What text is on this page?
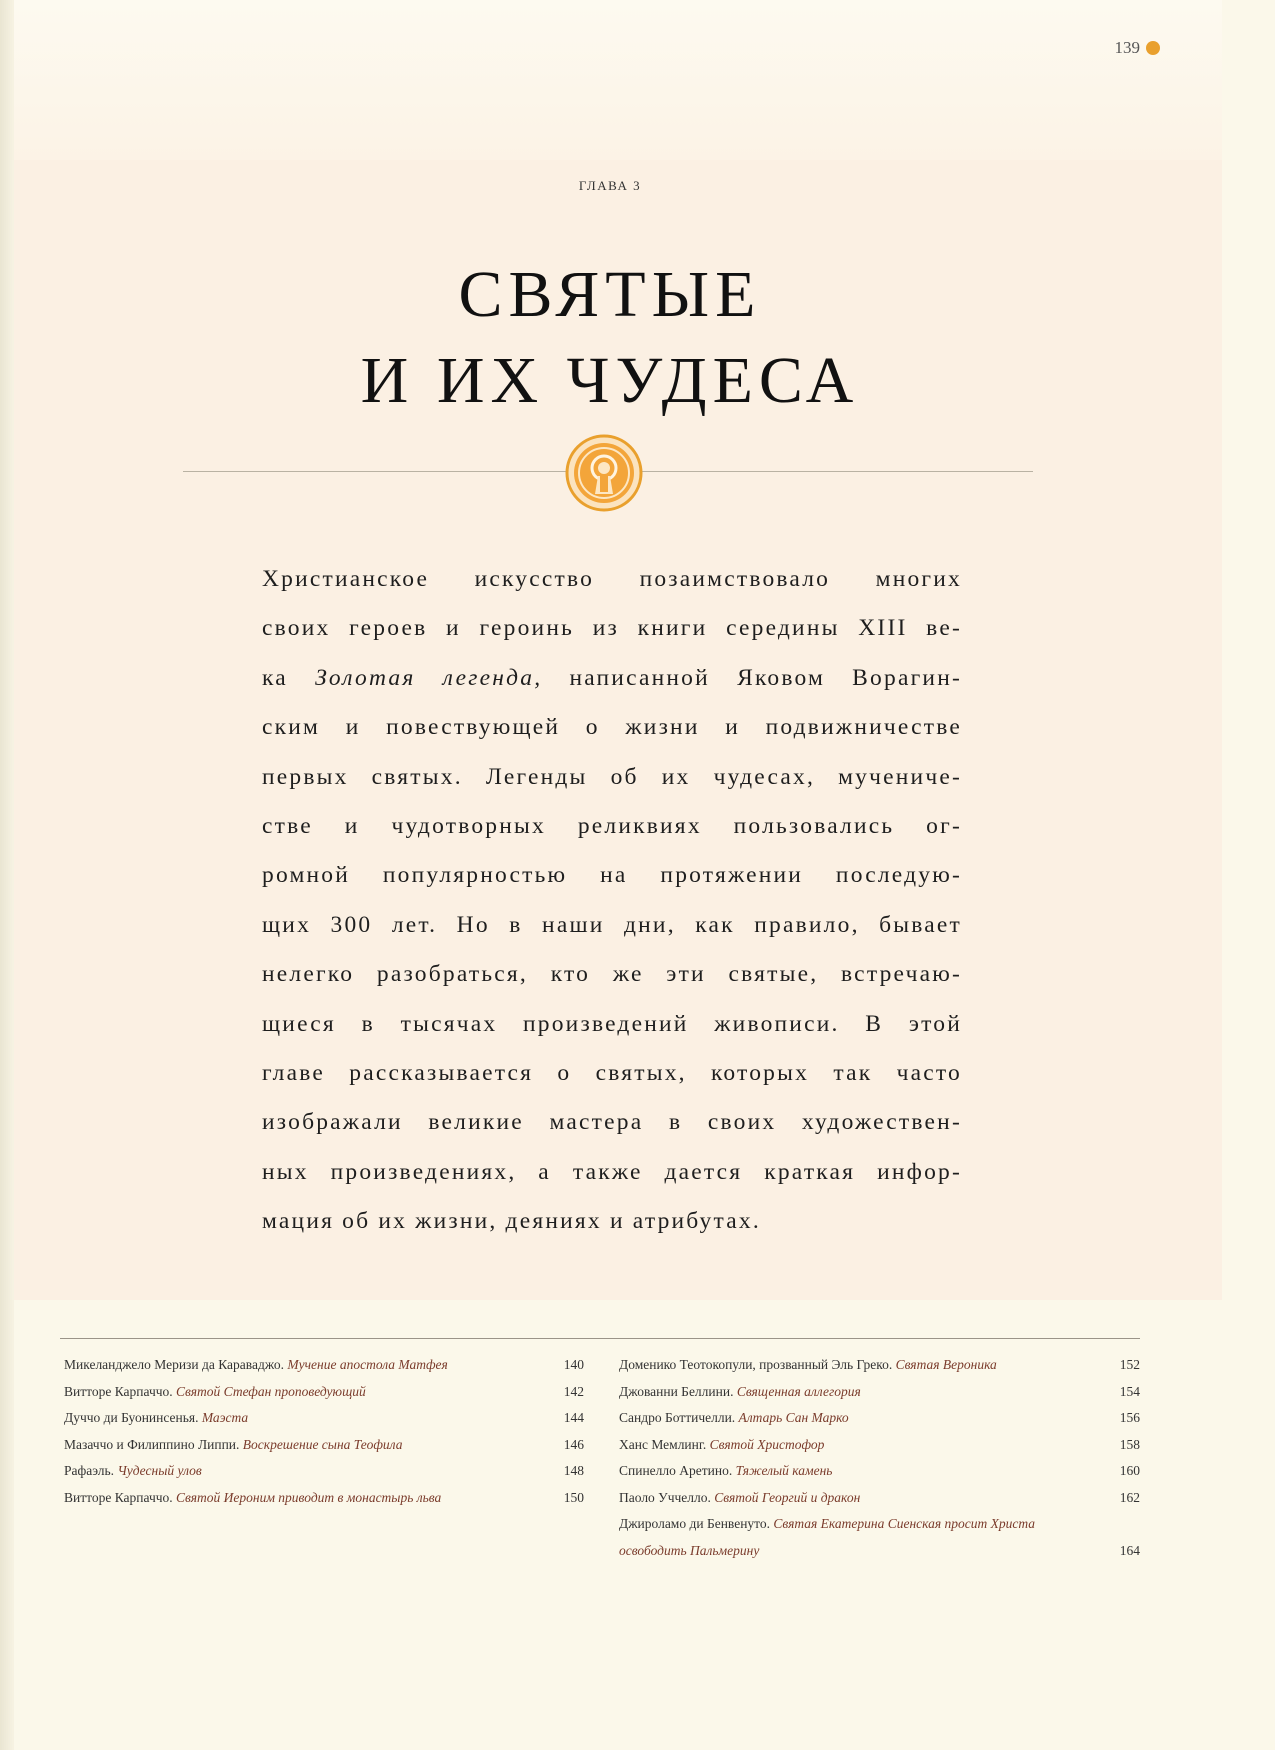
139
ГЛАВА 3
СВЯТЫЕ
И ИХ ЧУДЕСА
Христианское искусство позаимствовало многих
своих героев и героинь из книги середины XIII ве-
ка Золотая легенда, написанной Яковом Ворагин-
ским и повествующей о жизни и подвижничестве
первых святых. Легенды об их чудесах, мучениче-
стве и чудотворных реликвиях пользовались ог-
ромной популярностью на протяжении последую-
щих 300 лет. Но в наши дни, как правило, бывает
нелегко разобраться, кто же эти святые, встречаю-
щиеся в тысячах произведений живописи. В этой
главе рассказывается о святых, которых так часто
изображали великие мастера в своих художествен-
ных произведениях, а также дается краткая инфор-
мация об их жизни, деяниях и атрибутах.
Микеланджело Меризи да Караваджо. Мучение апостола Матфея	140
Витторе Карпаччо. Святой Стефан проповедующий	142
Дуччо ди Буонинсенья. Маэста	144
Мазаччо и Филиппино Липпи. Воскрешение сына Теофила	146
Рафаэль. Чудесный улов	148
Витторе Карпаччо. Святой Иероним приводит в монастырь льва	150
Доменико Теотокопули, прозванный Эль Греко. Святая Вероника	152
Джованни Беллини. Священная аллегория	154
Сандро Боттичелли. Алтарь Сан Марко	156
Ханс Мемлинг. Святой Христофор	158
Спинелло Аретино. Тяжелый камень	160
Паоло Уччелло. Святой Георгий и дракон	162
Джироламо ди Бенвенуто. Святая Екатерина Сиенская просит Христа освободить Пальмерину	164
